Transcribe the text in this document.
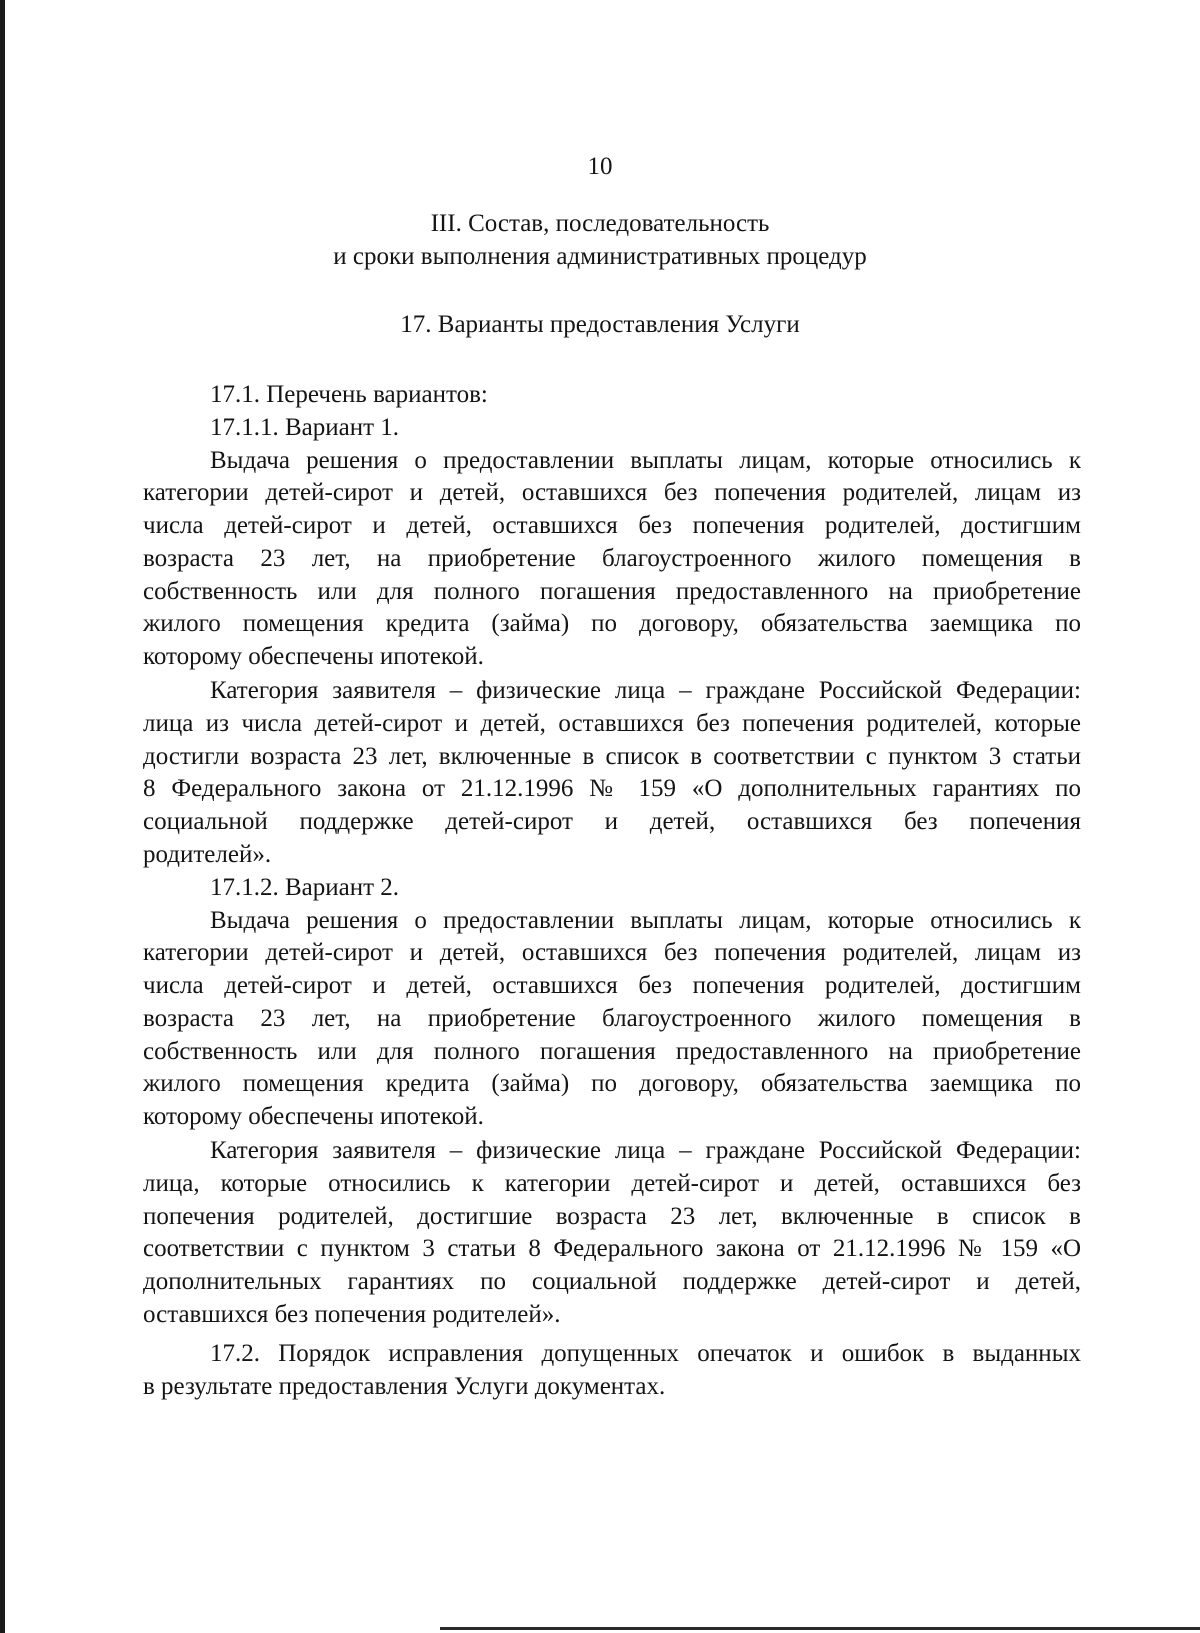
10
III. Состав, последовательность
и сроки выполнения административных процедур
17. Варианты предоставления Услуги
17.1. Перечень вариантов:
17.1.1. Вариант 1.
Выдача решения о предоставлении выплаты лицам, которые относились к
категории детей-сирот и детей, оставшихся без попечения родителей, лицам из
числа детей-сирот и детей, оставшихся без попечения родителей, достигшим
возраста 23 лет, на приобретение благоустроенного жилого помещения в
собственность или для полного погашения предоставленного на приобретение
жилого помещения кредита (займа) по договору, обязательства заемщика по
которому обеспечены ипотекой.
Категория заявителя – физические лица – граждане Российской Федерации:
лица из числа детей-сирот и детей, оставшихся без попечения родителей, которые
достигли возраста 23 лет, включенные в список в соответствии с пунктом 3 статьи
8 Федерального закона от 21.12.1996 № 159 «О дополнительных гарантиях по
социальной поддержке детей-сирот и детей, оставшихся без попечения
родителей».
17.1.2. Вариант 2.
Выдача решения о предоставлении выплаты лицам, которые относились к
категории детей-сирот и детей, оставшихся без попечения родителей, лицам из
числа детей-сирот и детей, оставшихся без попечения родителей, достигшим
возраста 23 лет, на приобретение благоустроенного жилого помещения в
собственность или для полного погашения предоставленного на приобретение
жилого помещения кредита (займа) по договору, обязательства заемщика по
которому обеспечены ипотекой.
Категория заявителя – физические лица – граждане Российской Федерации:
лица, которые относились к категории детей-сирот и детей, оставшихся без
попечения родителей, достигшие возраста 23 лет, включенные в список в
соответствии с пунктом 3 статьи 8 Федерального закона от 21.12.1996 № 159 «О
дополнительных гарантиях по социальной поддержке детей-сирот и детей,
оставшихся без попечения родителей».
17.2. Порядок исправления допущенных опечаток и ошибок в выданных
в результате предоставления Услуги документах.
